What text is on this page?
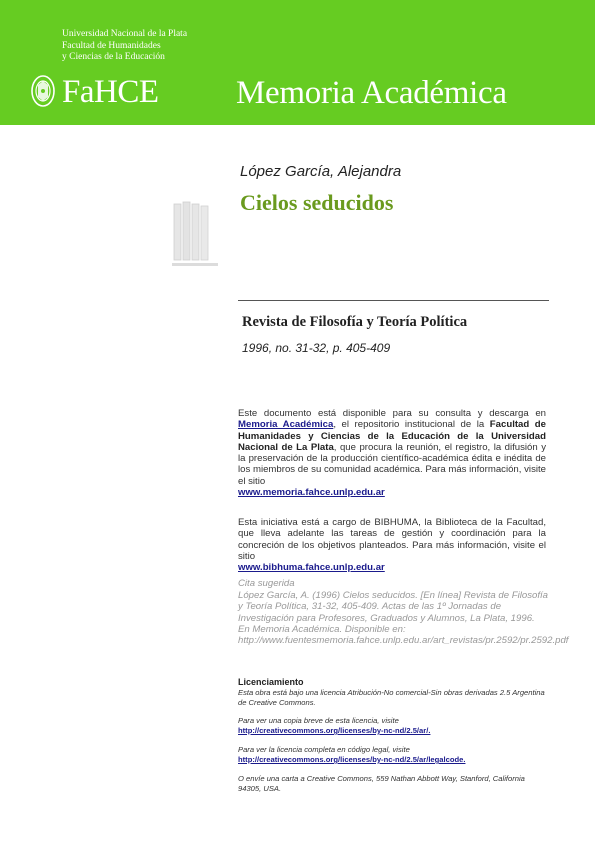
Universidad Nacional de la Plata
Facultad de Humanidades
y Ciencias de la Educación
FaHCE Memoria Académica
López García, Alejandra
Cielos seducidos
Revista de Filosofía y Teoría Política
1996, no. 31-32, p. 405-409
Este documento está disponible para su consulta y descarga en Memoria Académica, el repositorio institucional de la Facultad de Humanidades y Ciencias de la Educación de la Universidad Nacional de La Plata, que procura la reunión, el registro, la difusión y la preservación de la producción científico-académica édita e inédita de los miembros de su comunidad académica. Para más información, visite el sitio
www.memoria.fahce.unlp.edu.ar
Esta iniciativa está a cargo de BIBHUMA, la Biblioteca de la Facultad, que lleva adelante las tareas de gestión y coordinación para la concreción de los objetivos planteados. Para más información, visite el sitio
www.bibhuma.fahce.unlp.edu.ar
Cita sugerida
López García, A. (1996) Cielos seducidos. [En línea] Revista de Filosofía y Teoría Política, 31-32, 405-409. Actas de las 1º Jornadas de Investigación para Profesores, Graduados y Alumnos, La Plata, 1996. En Memoria Académica. Disponible en: http://www.fuentesmemoria.fahce.unlp.edu.ar/art_revistas/pr.2592/pr.2592.pdf
Licenciamiento
Esta obra está bajo una licencia Atribución-No comercial-Sin obras derivadas 2.5 Argentina de Creative Commons.
Para ver una copia breve de esta licencia, visite
http://creativecommons.org/licenses/by-nc-nd/2.5/ar/.
Para ver la licencia completa en código legal, visite
http://creativecommons.org/licenses/by-nc-nd/2.5/ar/legalcode.
O envíe una carta a Creative Commons, 559 Nathan Abbott Way, Stanford, California 94305, USA.
